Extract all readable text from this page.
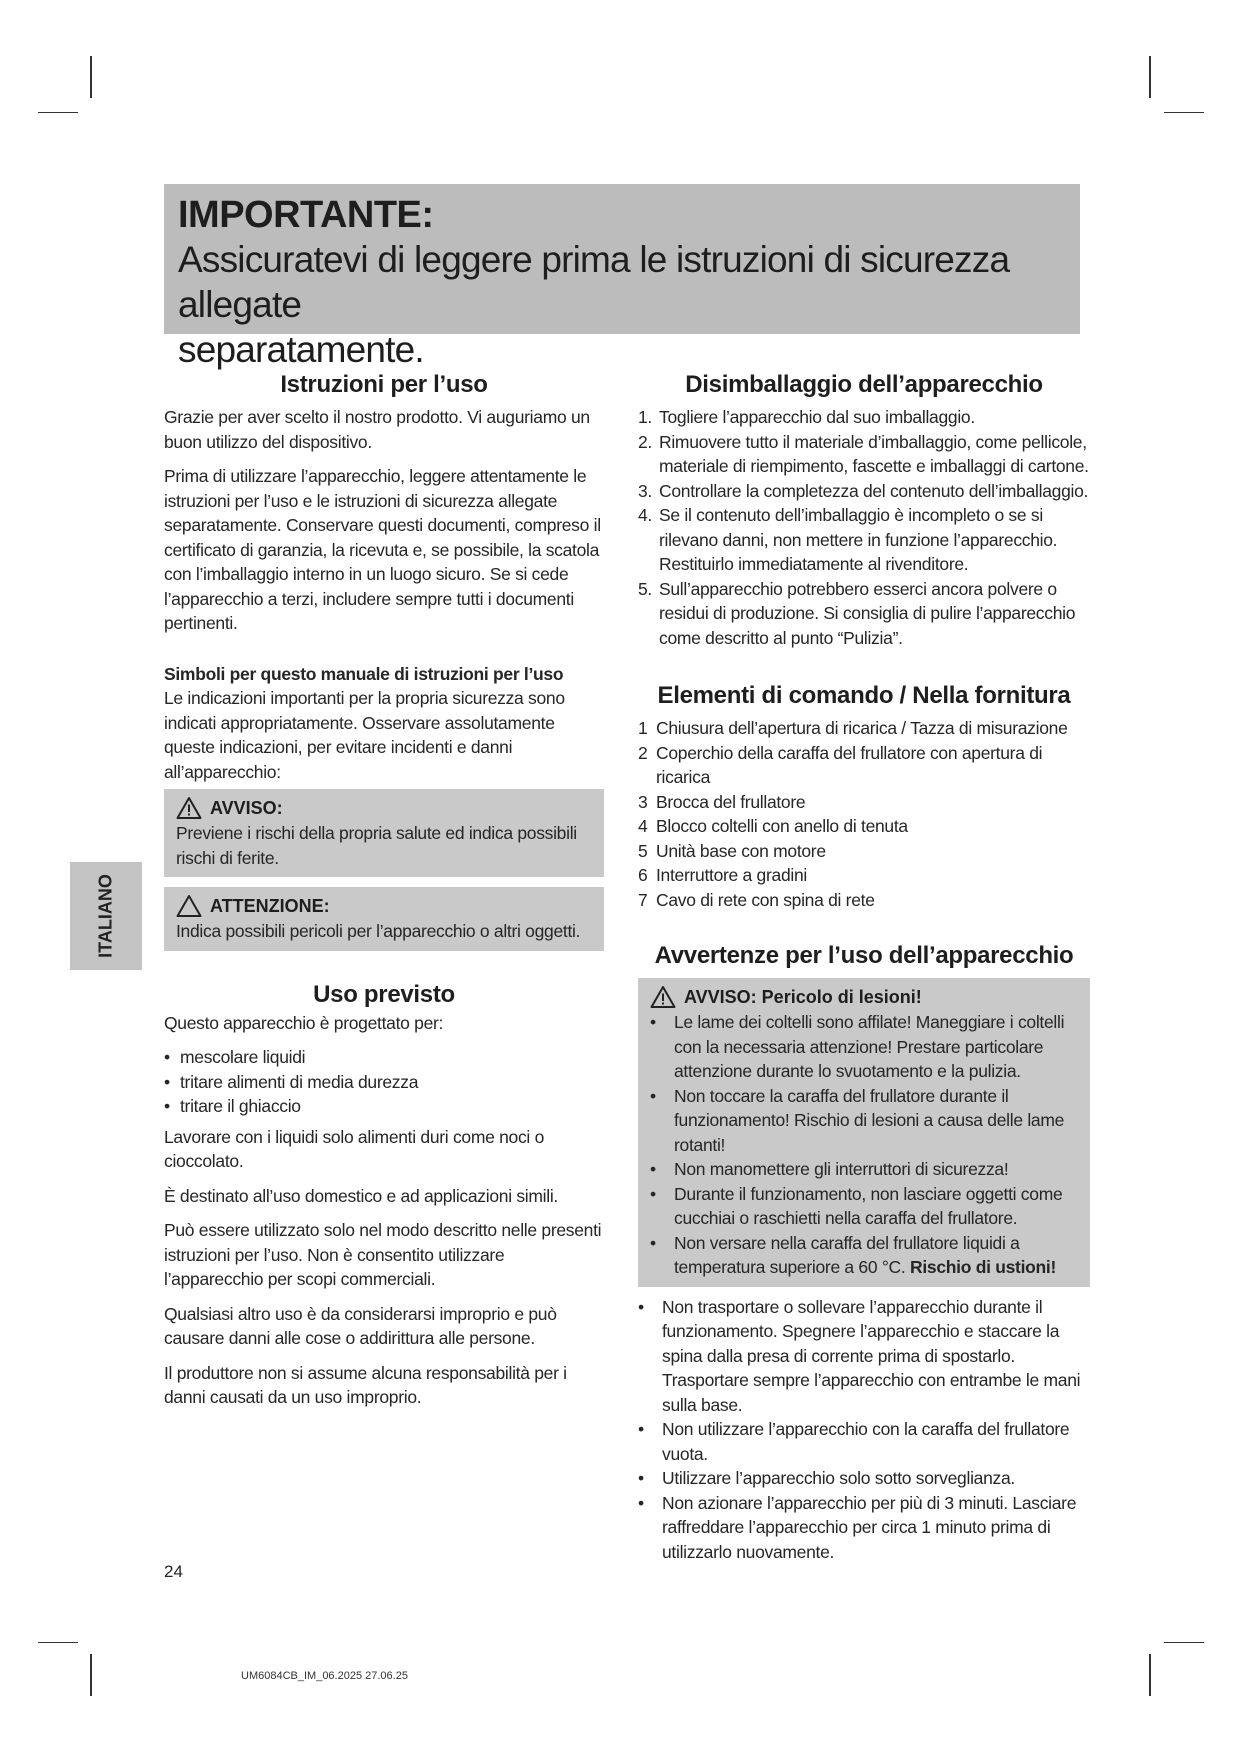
IMPORTANTE:
Assicuratevi di leggere prima le istruzioni di sicurezza allegate
separatamente.
Istruzioni per l’uso

Grazie per aver scelto il nostro prodotto. Vi auguriamo un buon utilizzo del dispositivo.

Prima di utilizzare l’apparecchio, leggere attentamente le istruzioni per l’uso e le istruzioni di sicurezza allegate separatamente. Conservare questi documenti, compreso il certificato di garanzia, la ricevuta e, se possibile, la scatola con l’imballaggio interno in un luogo sicuro. Se si cede l’apparecchio a terzi, includere sempre tutti i documenti pertinenti.

Simboli per questo manuale di istruzioni per l’uso

Le indicazioni importanti per la propria sicurezza sono indicati appropriatamente. Osservare assolutamente queste indicazioni, per evitare incidenti e danni all’apparecchio:

AVVISO:

Previene i rischi della propria salute ed indica possibili rischi di ferite.

ATTENZIONE:

Indica possibili pericoli per l’apparecchio o altri oggetti.

Uso previsto

Questo apparecchio è progettato per:

• mescolare liquidi
• tritare alimenti di media durezza
• tritare il ghiaccio

Lavorare con i liquidi solo alimenti duri come noci o cioccolato.

È destinato all’uso domestico e ad applicazioni simili.

Può essere utilizzato solo nel modo descritto nelle presenti istruzioni per l’uso. Non è consentito utilizzare l’apparecchio per scopi commerciali.

Qualsiasi altro uso è da considerarsi improprio e può causare danni alle cose o addirittura alle persone.

Il produttore non si assume alcuna responsabilità per i danni causati da un uso improprio.

Disimballaggio dell’apparecchio
1. Togliere l’apparecchio dal suo imballaggio.
2. Rimuovere tutto il materiale d’imballaggio, come pellicole, materiale di riempimento, fascette e imballaggi di cartone.
3. Controllare la completezza del contenuto dell’imballaggio.
4. Se il contenuto dell’imballaggio è incompleto o se si rilevano danni, non mettere in funzione l’apparecchio. Restituirlo immediatamente al rivenditore.
5. Sull’apparecchio potrebbero esserci ancora polvere o residui di produzione. Si consiglia di pulire l’apparecchio come descritto al punto “Pulizia”.
Elementi di comando / Nella fornitura
1 Chiusura dell’apertura di ricarica / Tazza di misurazione
2 Coperchio della caraffa del frullatore con apertura di ricarica
3 Brocca del frullatore
4 Blocco coltelli con anello di tenuta
5 Unità base con motore
6 Interruttore a gradini
7 Cavo di rete con spina di rete
Avvertenze per l’uso dell’apparecchio
AVVISO: Pericolo di lesioni!
• Le lame dei coltelli sono affilate! Maneggiare i coltelli con la necessaria attenzione! Prestare particolare attenzione durante lo svuotamento e la pulizia.
• Non toccare la caraffa del frullatore durante il funzionamento! Rischio di lesioni a causa delle lame rotanti!
• Non manomettere gli interruttori di sicurezza!
• Durante il funzionamento, non lasciare oggetti come cucchiai o raschietti nella caraffa del frullatore.
• Non versare nella caraffa del frullatore liquidi a temperatura superiore a 60 °C. Rischio di ustioni!
• Non trasportare o sollevare l’apparecchio durante il funzionamento. Spegnere l’apparecchio e staccare la spina dalla presa di corrente prima di spostarlo. Trasportare sempre l’apparecchio con entrambe le mani sulla base.
• Non utilizzare l’apparecchio con la caraffa del frullatore vuota.
• Utilizzare l’apparecchio solo sotto sorveglianza.
• Non azionare l’apparecchio per più di 3 minuti. Lasciare raffreddare l’apparecchio per circa 1 minuto prima di utilizzarlo nuovamente.
ITALIANO
24
UM6084CB_IM_06.2025 27.06.25
